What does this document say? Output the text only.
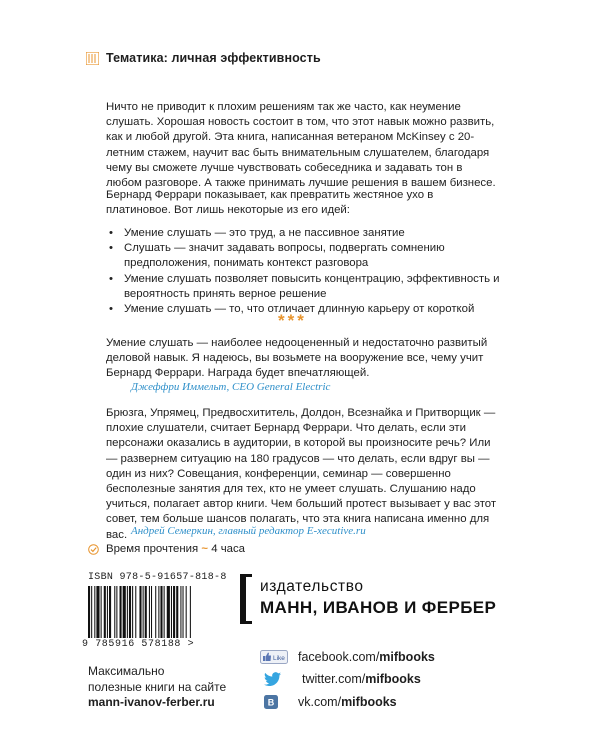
Тематика: личная эффективность
Ничто не приводит к плохим решениям так же часто, как неумение слушать. Хорошая новость состоит в том, что этот навык можно развить, как и любой другой. Эта книга, написанная ветераном McKinsey с 20-летним стажем, научит вас быть внимательным слушателем, благодаря чему вы сможете лучше чувствовать собеседника и задавать тон в любом разговоре. А также принимать лучшие решения в вашем бизнесе.
Бернард Феррари показывает, как превратить жестяное ухо в платиновое. Вот лишь некоторые из его идей:
• Умение слушать — это труд, а не пассивное занятие
• Слушать — значит задавать вопросы, подвергать сомнению предположения, понимать контекст разговора
• Умение слушать позволяет повысить концентрацию, эффективность и вероятность принять верное решение
• Умение слушать — то, что отличает длинную карьеру от короткой
***
Умение слушать — наиболее недооцененный и недостаточно развитый деловой навык. Я надеюсь, вы возьмете на вооружение все, чему учит Бернард Феррари. Награда будет впечатляющей.
Джеффри Иммельт, CEO General Electric
Брюзга, Упрямец, Предвосхититель, Долдон, Всезнайка и Притворщик — плохие слушатели, считает Бернард Феррари. Что делать, если эти персонажи оказались в аудитории, в которой вы произносите речь? Или — развернем ситуацию на 180 градусов — что делать, если вдруг вы — один из них? Совещания, конференции, семинар — совершенно бесполезные занятия для тех, кто не умеет слушать. Слушанию надо учиться, полагает автор книги. Чем больший протест вызывает у вас этот совет, тем больше шансов полагать, что эта книга написана именно для вас. Андрей Семеркин, главный редактор E-xecutive.ru
Время прочтения ~ 4 часа
ISBN 978-5-91657-818-8
9 785916 578188 >
издательство
МАНН, ИВАНОВ И ФЕРБЕР
Максимально
полезные книги на сайте
mann-ivanov-ferber.ru
Like facebook.com/ mifbooks
twitter.com/ mifbooks
B vk.com/ mifbooks
